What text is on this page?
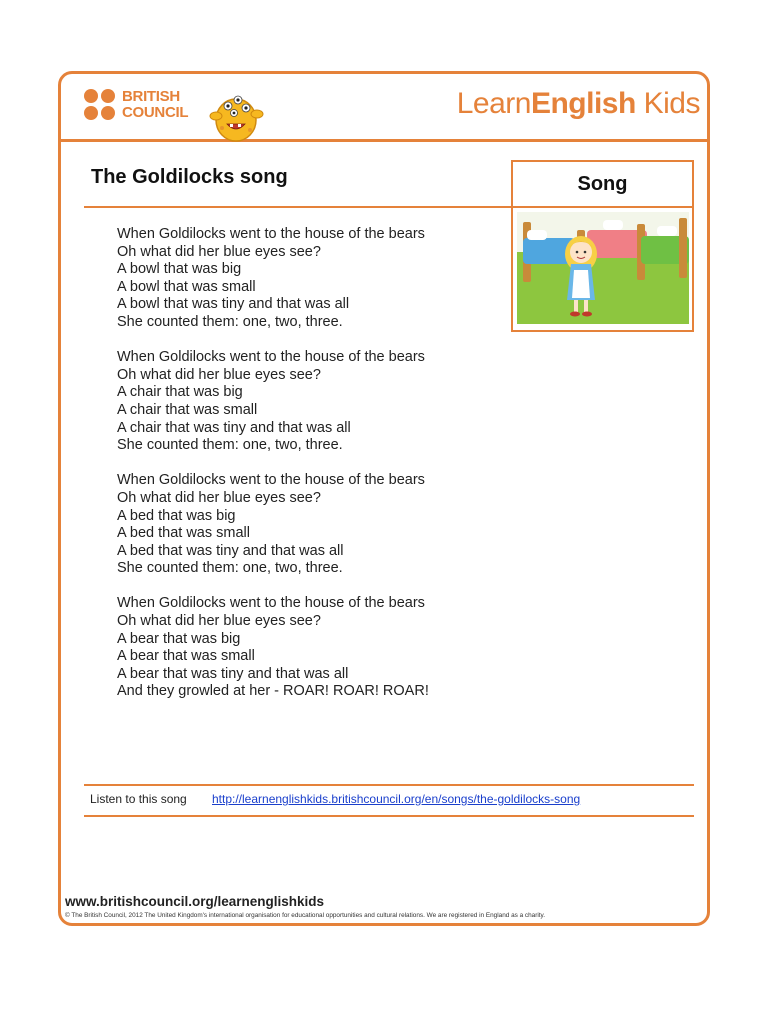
BRITISH
COUNCIL	LearnEnglish Kids
The Goldilocks song	Song
When Goldilocks went to the house of the bears
Oh what did her blue eyes see?
A bowl that was big
A bowl that was small
A bowl that was tiny and that was all
She counted them: one, two, three.
When Goldilocks went to the house of the bears
Oh what did her blue eyes see?
A chair that was big
A chair that was small
A chair that was tiny and that was all
She counted them: one, two, three.
When Goldilocks went to the house of the bears
Oh what did her blue eyes see?
A bed that was big
A bed that was small
A bed that was tiny and that was all
She counted them: one, two, three.
When Goldilocks went to the house of the bears
Oh what did her blue eyes see?
A bear that was big
A bear that was small
A bear that was tiny and that was all
And they growled at her - ROAR! ROAR! ROAR!
Listen to this song http://learnenglishkids.britishcouncil.org/en/songs/the-goldilocks-song
www.britishcouncil.org/learnenglishkids
© The British Council, 2012 The United Kingdom's international organisation for educational opportunities and cultural relations. We are registered in England as a charity.
